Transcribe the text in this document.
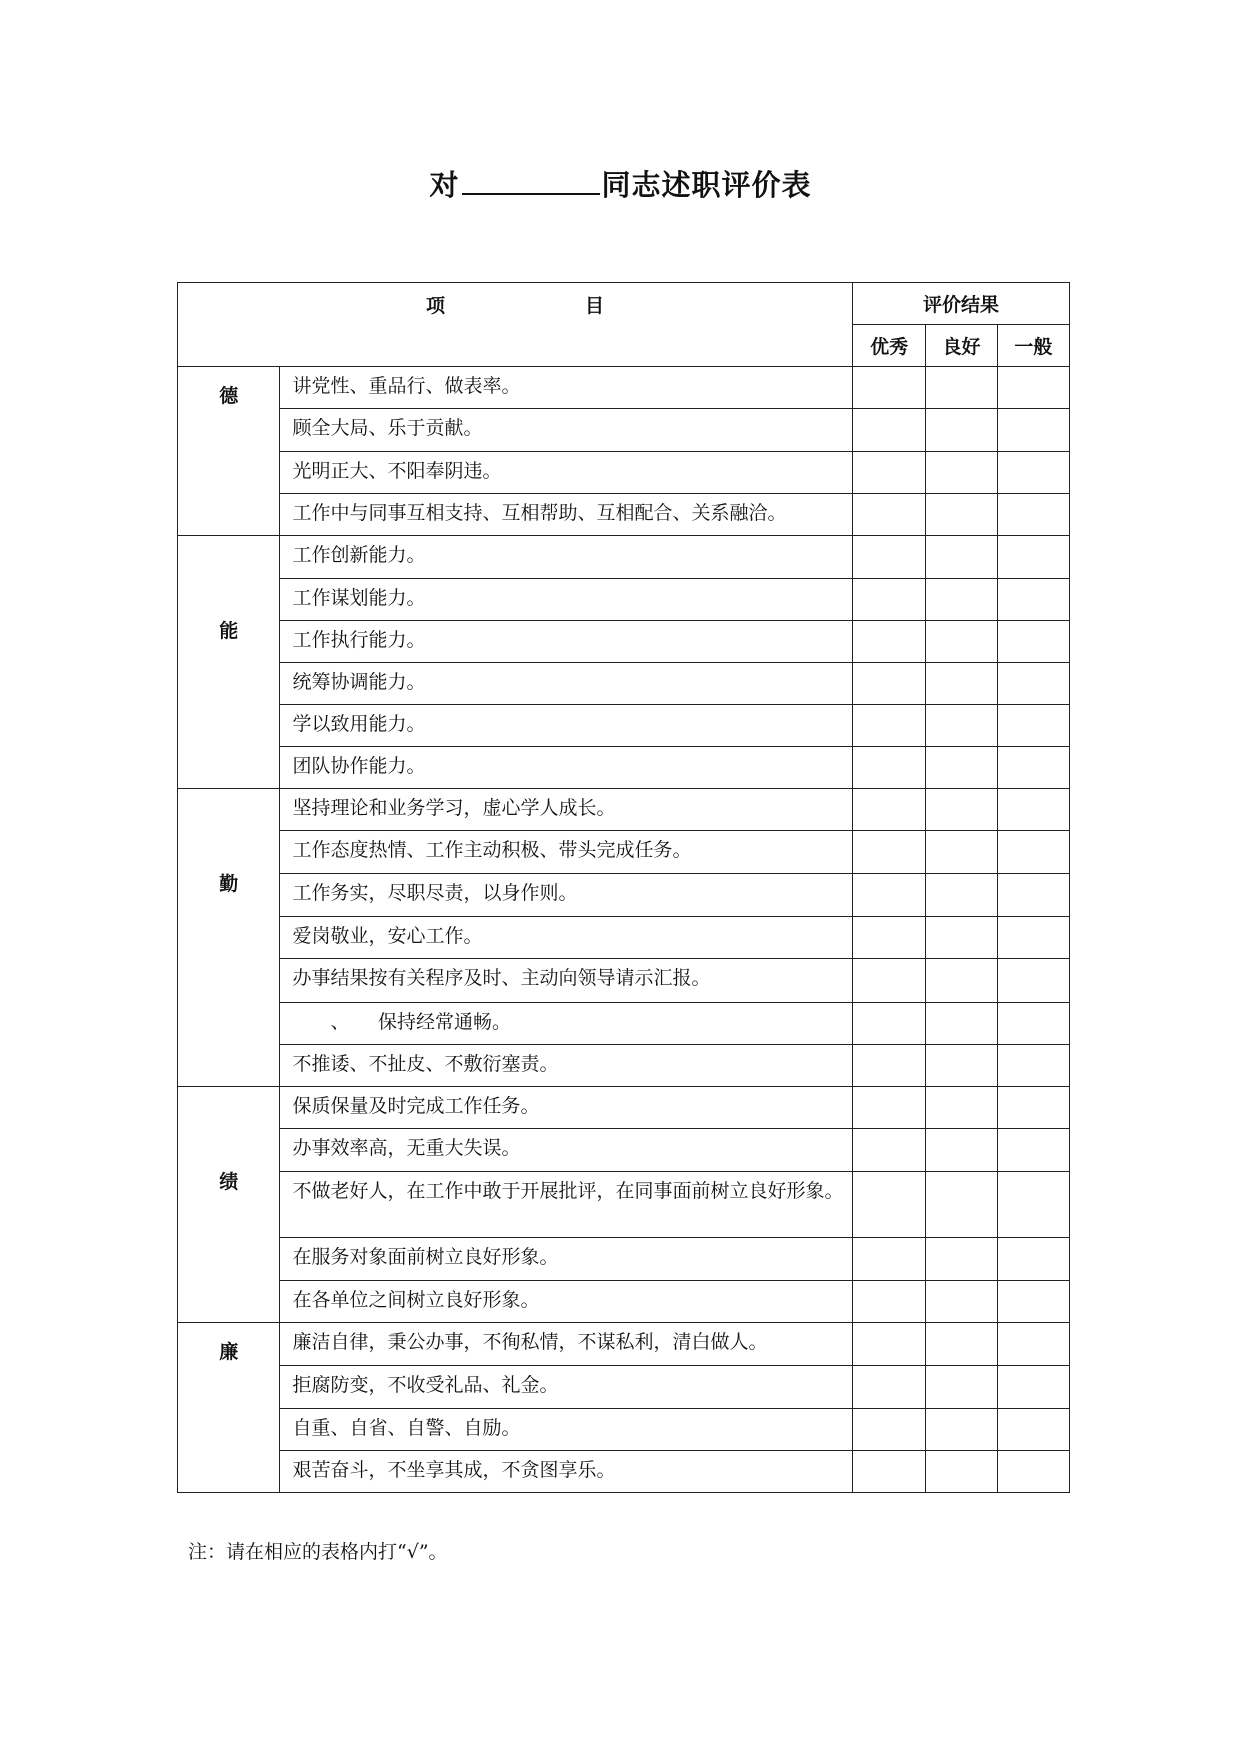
对	同志述职评价表
项 目		评价结果		
		优秀	良好	一般
德	讲党性、重品行、做表率。			
	顾全大局、乐于贡献。			
	光明正大、不阳奉阴违。			
	工作中与同事互相支持、互相帮助、互相配合、关系融洽。			
能	工作创新能力。			
	工作谋划能力。			
	工作执行能力。			
	统筹协调能力。			
	学以致用能力。			
	团队协作能力。			
勤	坚持理论和业务学习，虚心学人成长。			
	工作态度热情、工作主动积极、带头完成任务。			
	工作务实，尽职尽责，以身作则。			
	爱岗敬业，安心工作。			
	办事结果按有关程序及时、主动向领导请示汇报。			
	　　、　　保持经常通畅。			
	不推诿、不扯皮、不敷衍塞责。			
绩	保质保量及时完成工作任务。			
	办事效率高，无重大失误。			
	不做老好人，在工作中敢于开展批评，在同事面前树立良好形象。			
	在服务对象面前树立良好形象。			
	在各单位之间树立良好形象。			
廉	廉洁自律，秉公办事，不徇私情，不谋私利，清白做人。			
	拒腐防变，不收受礼品、礼金。			
	自重、自省、自警、自励。			
	艰苦奋斗，不坐享其成，不贪图享乐。			
注：请在相应的表格内打“√”。
